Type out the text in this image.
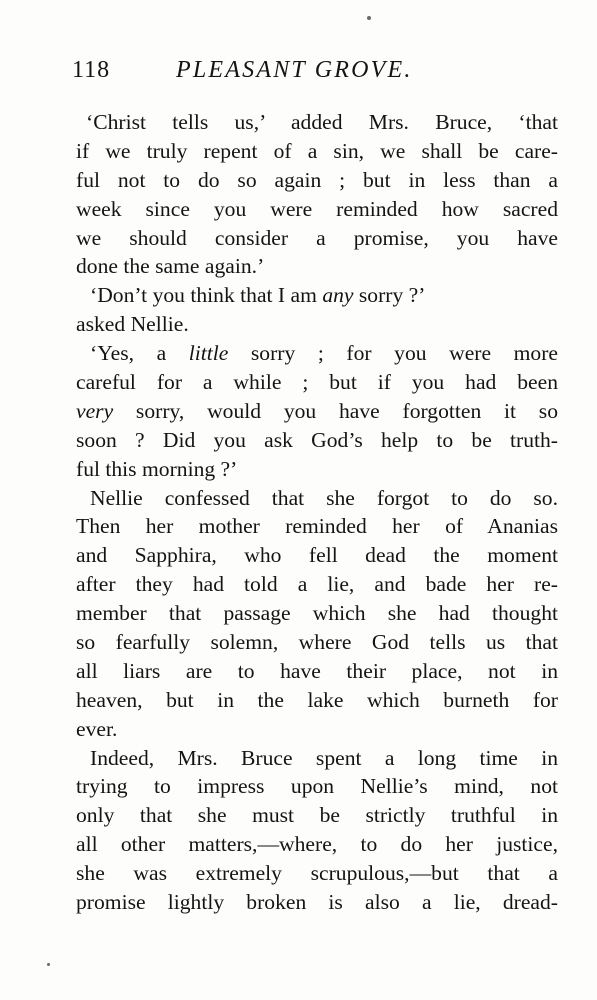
118	PLEASANT GROVE.
‘Christ tells us,’ added Mrs. Bruce, ‘that
if we truly repent of a sin, we shall be care-
ful not to do so again ; but in less than a
week since you were reminded how sacred
we should consider a promise, you have
done the same again.’
‘Don’t you think that I am any sorry ?’
asked Nellie.
‘Yes, a little sorry ; for you were more
careful for a while ; but if you had been
very sorry, would you have forgotten it so
soon ? Did you ask God’s help to be truth-
ful this morning ?’
Nellie confessed that she forgot to do so.
Then her mother reminded her of Ananias
and Sapphira, who fell dead the moment
after they had told a lie, and bade her re-
member that passage which she had thought
so fearfully solemn, where God tells us that
all liars are to have their place, not in
heaven, but in the lake which burneth for
ever.
Indeed, Mrs. Bruce spent a long time in
trying to impress upon Nellie’s mind, not
only that she must be strictly truthful in
all other matters,—where, to do her justice,
she was extremely scrupulous,—but that a
promise lightly broken is also a lie, dread-
